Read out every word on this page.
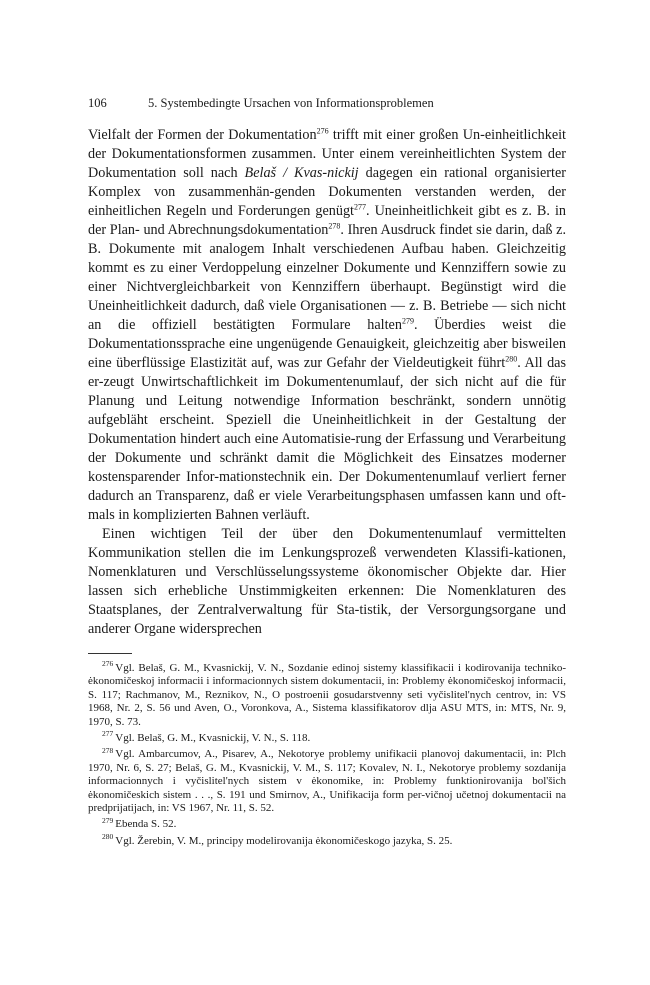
106	5. Systembedingte Ursachen von Informationsproblemen

Vielfalt der Formen der Dokumentation$^{276}$ trifft mit einer großen Un-einheitlichkeit der Dokumentationsformen zusammen. Unter einem vereinheitlichten System der Dokumentation soll nach Belaš / Kvas-nickij dagegen ein rational organisierter Komplex von zusammenhän-genden Dokumenten verstanden werden, der einheitlichen Regeln und Forderungen genügt$^{277}$. Uneinheitlichkeit gibt es z. B. in der Plan- und Abrechnungsdokumentation$^{278}$. Ihren Ausdruck findet sie darin, daß z. B. Dokumente mit analogem Inhalt verschiedenen Aufbau haben. Gleichzeitig kommt es zu einer Verdoppelung einzelner Dokumente und Kennziffern sowie zu einer Nichtvergleichbarkeit von Kennziffern überhaupt. Begünstigt wird die Uneinheitlichkeit dadurch, daß viele Organisationen — z. B. Betriebe — sich nicht an die offiziell bestätigten Formulare halten$^{279}$. Überdies weist die Dokumentationssprache eine ungenügende Genauigkeit, gleichzeitig aber bisweilen eine überflüssige Elastizität auf, was zur Gefahr der Vieldeutigkeit führt$^{280}$. All das er-zeugt Unwirtschaftlichkeit im Dokumentenumlauf, der sich nicht auf die für Planung und Leitung notwendige Information beschränkt, sondern unnötig aufgebläht erscheint. Speziell die Uneinheitlichkeit in der Gestaltung der Dokumentation hindert auch eine Automatisie-rung der Erfassung und Verarbeitung der Dokumente und schränkt damit die Möglichkeit des Einsatzes moderner kostensparender Infor-mationstechnik ein. Der Dokumentenumlauf verliert ferner dadurch an Transparenz, daß er viele Verarbeitungsphasen umfassen kann und oft-mals in komplizierten Bahnen verläuft.

Einen wichtigen Teil der über den Dokumentenumlauf vermittelten Kommunikation stellen die im Lenkungsprozeß verwendeten Klassifi-kationen, Nomenklaturen und Verschlüsselungssysteme ökonomischer Objekte dar. Hier lassen sich erhebliche Unstimmigkeiten erkennen: Die Nomenklaturen des Staatsplanes, der Zentralverwaltung für Sta-tistik, der Versorgungsorgane und anderer Organe widersprechen

$^{276}$ Vgl. Belaš, G. M., Kvasnickij, V. N., Sozdanie edinoj sistemy klassifikacii i kodirovanija techniko-ėkonomičeskoj informacii i informacionnych sistem dokumentacii, in: Problemy ėkonomičeskoj informacii, S. 117; Rachmanov, M., Reznikov, N., O postroenii gosudarstvenny seti vyčislitel'nych centrov, in: VS 1968, Nr. 2, S. 56 und Aven, O., Voronkova, A., Sistema klassifikatorov dlja ASU MTS, in: MTS, Nr. 9, 1970, S. 73.

$^{277}$ Vgl. Belaš, G. M., Kvasnickij, V. N., S. 118.

$^{278}$ Vgl. Ambarcumov, A., Pisarev, A., Nekotorye problemy unifikacii planovoj dakumentacii, in: Plch 1970, Nr. 6, S. 27; Belaš, G. M., Kvasnickij, V. M., S. 117; Kovalev, N. I., Nekotorye problemy sozdanija informacionnych i vyčislitel'nych sistem v ėkonomike, in: Problemy funktionirovanija bol'šich ėkonomičeskich sistem . . ., S. 191 und Smirnov, A., Unifikacija form per-vičnoj učetnoj dokumentacii na predprijatijach, in: VS 1967, Nr. 11, S. 52.

$^{279}$ Ebenda S. 52.

$^{280}$ Vgl. Žerebin, V. M., principy modelirovanija ėkonomičeskogo jazyka, S. 25.
